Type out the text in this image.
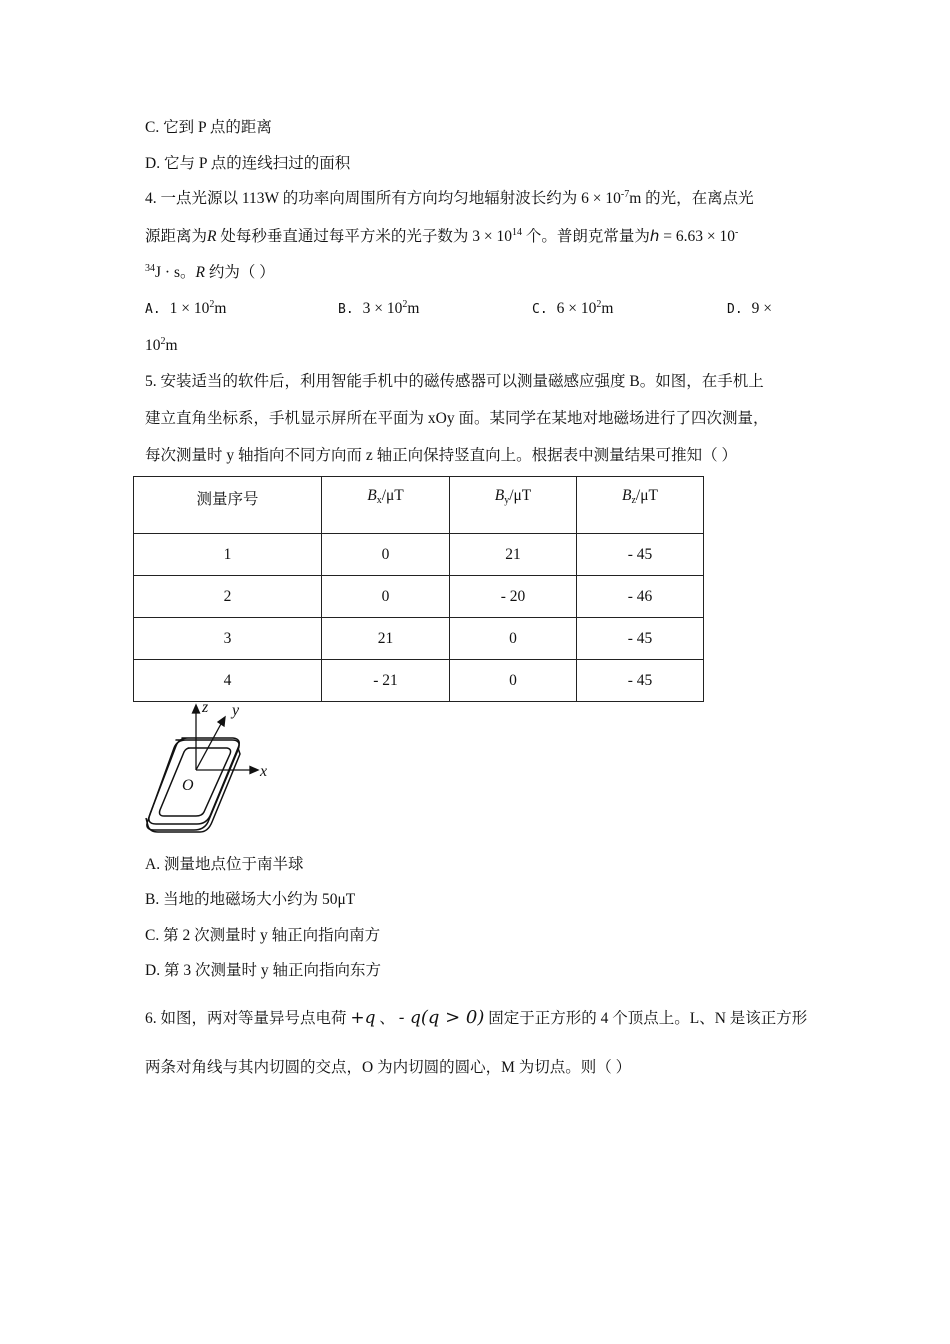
C. 它到 P 点的距离
D. 它与 P 点的连线扫过的面积
4. 一点光源以 113W 的功率向周围所有方向均匀地辐射波长约为 $6 \times 10^{-7}m$ 的光，在离点光
源距离为R 处每秒垂直通过每平方米的光子数为 $3 \times 10^{14}$ 个。普朗克常量为h = 6.63 × 10-
$^{34}$J · s。R 约为（ ）
A. $1 \times 10^2m$	B. $3 \times 10^2m$	C. $6 \times 10^2m$	D. 9 ×
$10^2m$
5. 安装适当的软件后，利用智能手机中的磁传感器可以测量磁感应强度 B。如图，在手机上
建立直角坐标系，手机显示屏所在平面为 xOy 面。某同学在某地对地磁场进行了四次测量，
每次测量时 y 轴指向不同方向而 z 轴正向保持竖直向上。根据表中测量结果可推知（ ）
测量序号	$B_x/\mu T$	$B_y/\mu T$	$B_z/\mu T$
1	0	21	- 45
2	0	- 20	- 46
3	21	0	- 45
4	- 21	0	- 45
z y
x
O
A. 测量地点位于南半球
B. 当地的地磁场大小约为 50μT
C. 第 2 次测量时 y 轴正向指向南方
D. 第 3 次测量时 y 轴正向指向东方
6. 如图，两对等量异号点电荷 +q 、 - q(q > 0) 固定于正方形的 4 个顶点上。L、N 是该正方形
两条对角线与其内切圆的交点，O 为内切圆的圆心，M 为切点。则（ ）
